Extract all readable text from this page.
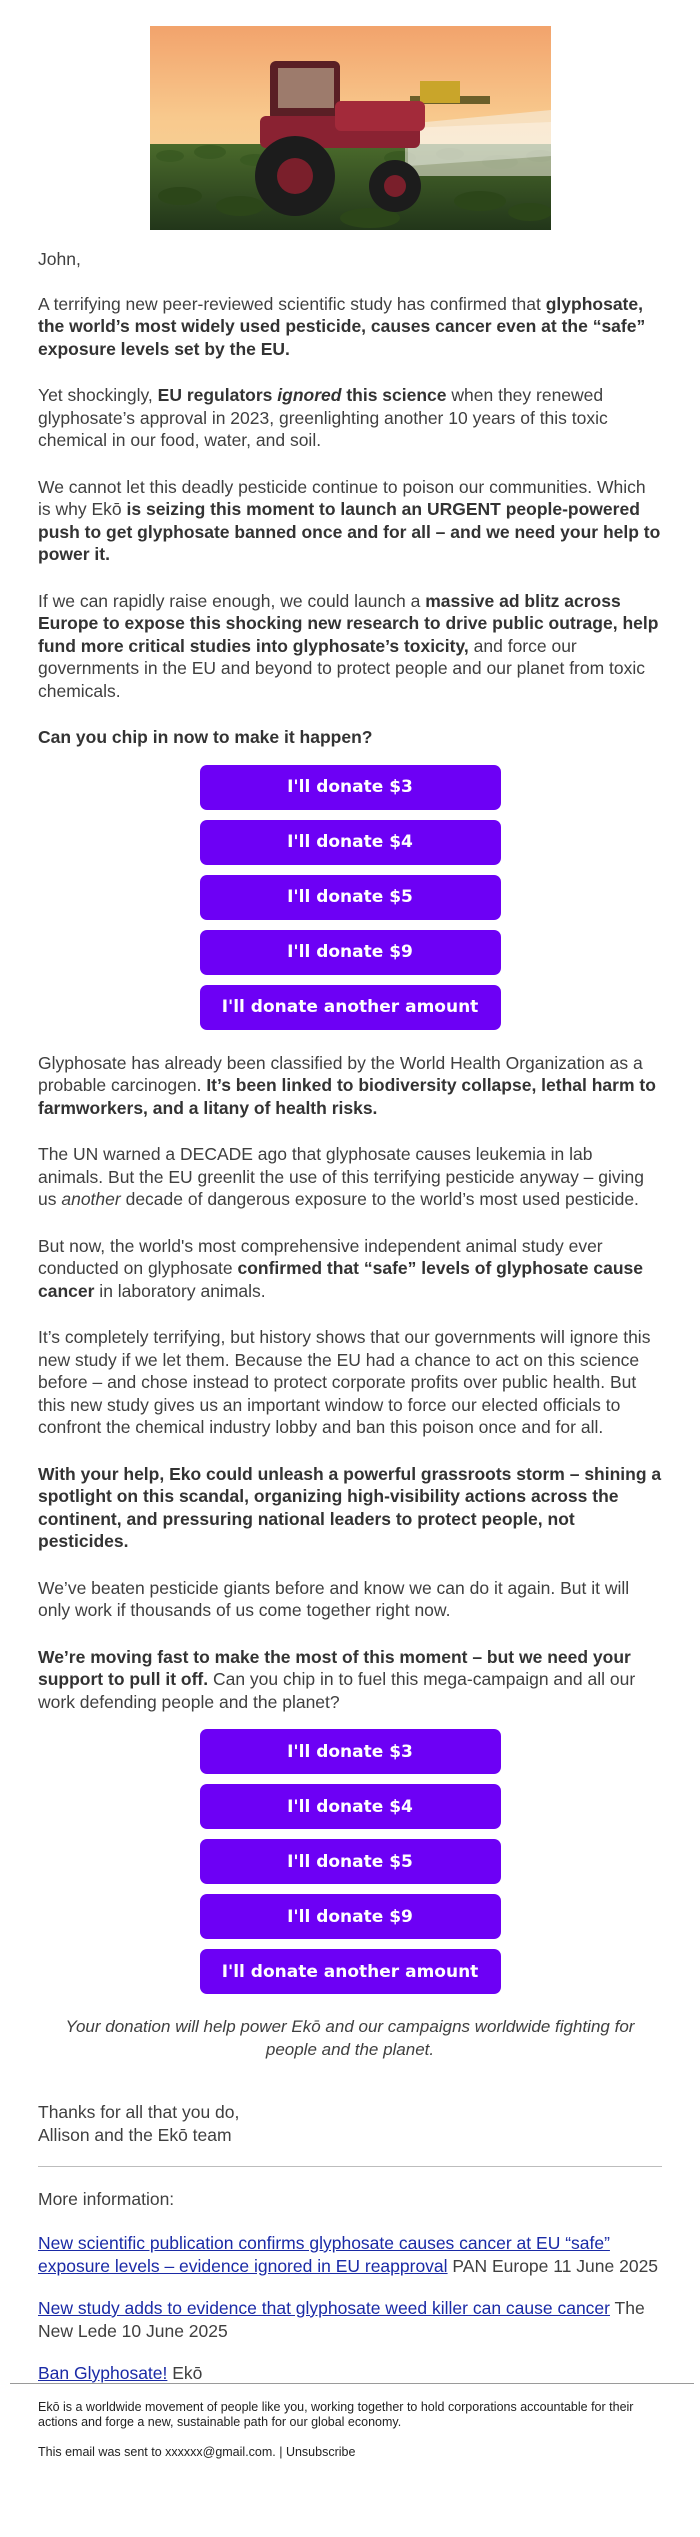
John,

A terrifying new peer-reviewed scientific study has confirmed that glyphosate, the world’s most widely used pesticide, causes cancer even at the “safe” exposure levels set by the EU.

Yet shockingly, EU regulators ignored this science when they renewed glyphosate’s approval in 2023, greenlighting another 10 years of this toxic chemical in our food, water, and soil.

We cannot let this deadly pesticide continue to poison our communities. Which is why Ekō is seizing this moment to launch an URGENT people-powered push to get glyphosate banned once and for all – and we need your help to power it.

If we can rapidly raise enough, we could launch a massive ad blitz across Europe to expose this shocking new research to drive public outrage, help fund more critical studies into glyphosate’s toxicity, and force our governments in the EU and beyond to protect people and our planet from toxic chemicals.

Can you chip in now to make it happen?

I'll donate $3
I'll donate $4
I'll donate $5
I'll donate $9
I'll donate another amount

Glyphosate has already been classified by the World Health Organization as a probable carcinogen. It’s been linked to biodiversity collapse, lethal harm to farmworkers, and a litany of health risks.

The UN warned a DECADE ago that glyphosate causes leukemia in lab animals. But the EU greenlit the use of this terrifying pesticide anyway – giving us another decade of dangerous exposure to the world’s most used pesticide.

But now, the world's most comprehensive independent animal study ever conducted on glyphosate confirmed that “safe” levels of glyphosate cause cancer in laboratory animals.

It’s completely terrifying, but history shows that our governments will ignore this new study if we let them. Because the EU had a chance to act on this science before – and chose instead to protect corporate profits over public health. But this new study gives us an important window to force our elected officials to confront the chemical industry lobby and ban this poison once and for all.

With your help, Eko could unleash a powerful grassroots storm – shining a spotlight on this scandal, organizing high-visibility actions across the continent, and pressuring national leaders to protect people, not pesticides.

We’ve beaten pesticide giants before and know we can do it again. But it will only work if thousands of us come together right now.

We’re moving fast to make the most of this moment – but we need your support to pull it off. Can you chip in to fuel this mega-campaign and all our work defending people and the planet?

I'll donate $3
I'll donate $4
I'll donate $5
I'll donate $9
I'll donate another amount

Your donation will help power Ekō and our campaigns worldwide fighting for people and the planet.

Thanks for all that you do,
Allison and the Ekō team

More information:

New scientific publication confirms glyphosate causes cancer at EU “safe” exposure levels – evidence ignored in EU reapproval PAN Europe 11 June 2025

New study adds to evidence that glyphosate weed killer can cause cancer The New Lede 10 June 2025

Ban Glyphosate! Ekō

Ekō is a worldwide movement of people like you, working together to hold corporations accountable for their actions and forge a new, sustainable path for our global economy.

This email was sent to xxxxxx@gmail.com. | Unsubscribe
